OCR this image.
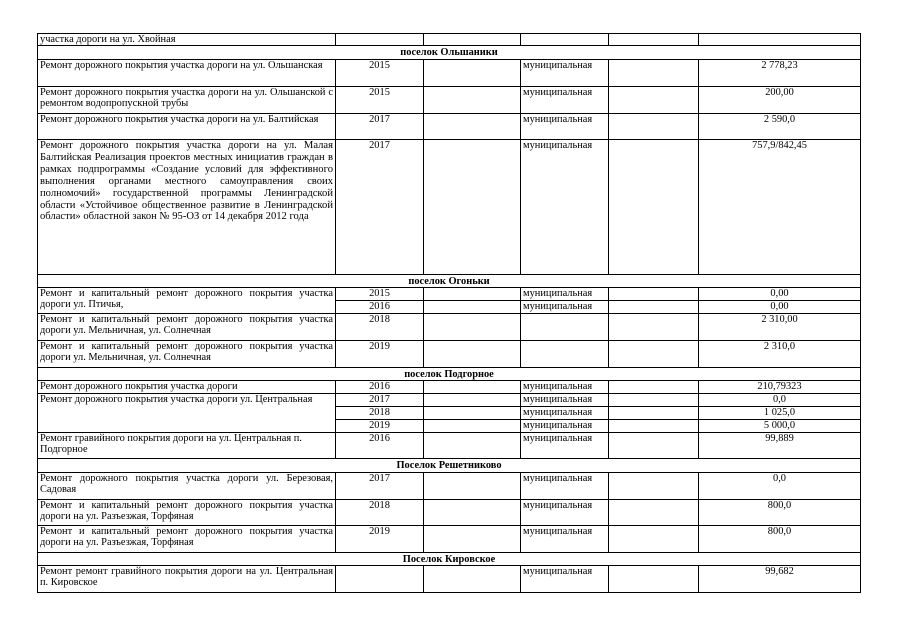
участка дороги на ул. Хвойная					
поселок Ольшаники					
Ремонт дорожного покрытия участка дороги на ул. Ольшанская	2015		муниципальная		2 778,23
Ремонт дорожного покрытия участка дороги на ул. Ольшанской с ремонтом водопропускной трубы	2015		муниципальная		200,00
Ремонт дорожного покрытия участка дороги на ул. Балтийская	2017		муниципальная		2 590,0
Ремонт дорожного покрытия участка дороги на ул. Малая Балтийская Реализация проектов местных инициатив граждан в рамках подпрограммы «Создание условий для эффективного выполнения органами местного самоуправления своих полномочий» государственной программы Ленинградской области «Устойчивое общественное развитие в Ленинградской области» областной закон № 95-ОЗ от 14 декабря 2012 года	2017		муниципальная		757,9/842,45
поселок Огоньки					
Ремонт и капитальный ремонт дорожного покрытия участка дороги ул. Птичья,	2015		муниципальная		0,00
	2016		муниципальная		0,00
Ремонт и капитальный ремонт дорожного покрытия участка дороги ул. Мельничная, ул. Солнечная	2018				2 310,00
Ремонт и капитальный ремонт дорожного покрытия участка дороги ул. Мельничная, ул. Солнечная	2019				2 310,0
поселок Подгорное					
Ремонт дорожного покрытия участка дороги	2016		муниципальная		210,79323
Ремонт дорожного покрытия участка дороги ул. Центральная	2017		муниципальная		0,0
	2018		муниципальная		1 025,0
	2019		муниципальная		5 000,0
Ремонт гравийного покрытия дороги на ул. Центральная п. Подгорное	2016		муниципальная		99,889
Поселок Решетниково					
Ремонт дорожного покрытия участка дороги ул. Березовая, Садовая	2017		муниципальная		0,0
Ремонт и капитальный ремонт дорожного покрытия участка дороги на ул. Разъезжая, Торфяная	2018		муниципальная		800,0
Ремонт и капитальный ремонт дорожного покрытия участка дороги на ул. Разъезжая, Торфяная	2019		муниципальная		800,0
Поселок Кировское					
Ремонт ремонт гравийного покрытия дороги на ул. Центральная п. Кировское			муниципальная		99,682
